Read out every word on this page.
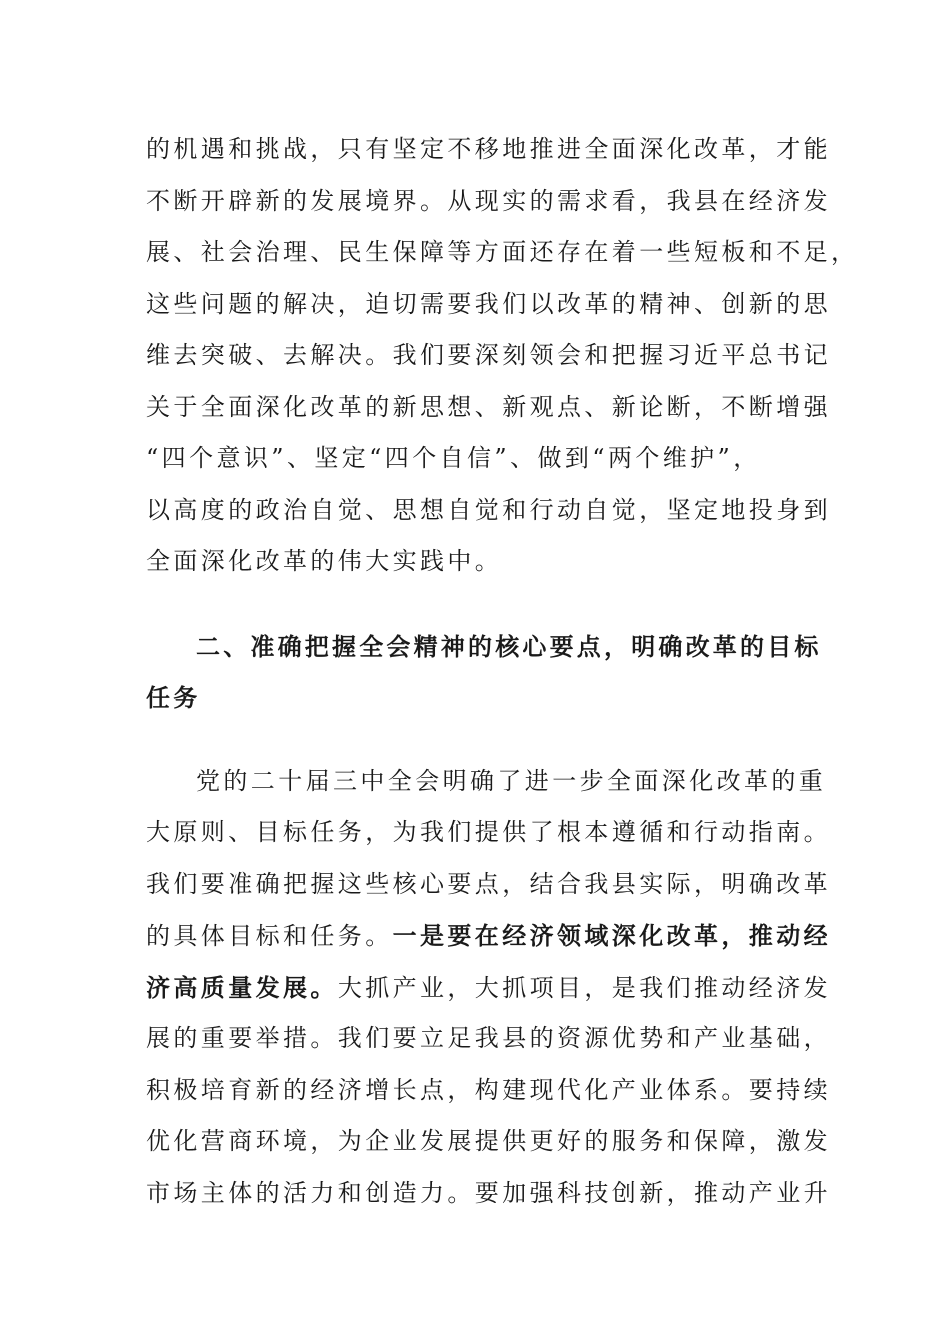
的机遇和挑战，只有坚定不移地推进全面深化改革，才能
不断开辟新的发展境界。从现实的需求看，我县在经济发
展、社会治理、民生保障等方面还存在着一些短板和不足，
这些问题的解决，迫切需要我们以改革的精神、创新的思
维去突破、去解决。我们要深刻领会和把握习近平总书记
关于全面深化改革的新思想、新观点、新论断，不断增强
“四个意识”、坚定“四个自信”、做到“两个维护”，
以高度的政治自觉、思想自觉和行动自觉，坚定地投身到
全面深化改革的伟大实践中。
二、准确把握全会精神的核心要点，明确改革的目标
任务
党的二十届三中全会明确了进一步全面深化改革的重
大原则、目标任务，为我们提供了根本遵循和行动指南。
我们要准确把握这些核心要点，结合我县实际，明确改革
的具体目标和任务。一是要在经济领域深化改革，推动经
济高质量发展。大抓产业，大抓项目，是我们推动经济发
展的重要举措。我们要立足我县的资源优势和产业基础，
积极培育新的经济增长点，构建现代化产业体系。要持续
优化营商环境，为企业发展提供更好的服务和保障，激发
市场主体的活力和创造力。要加强科技创新，推动产业升
